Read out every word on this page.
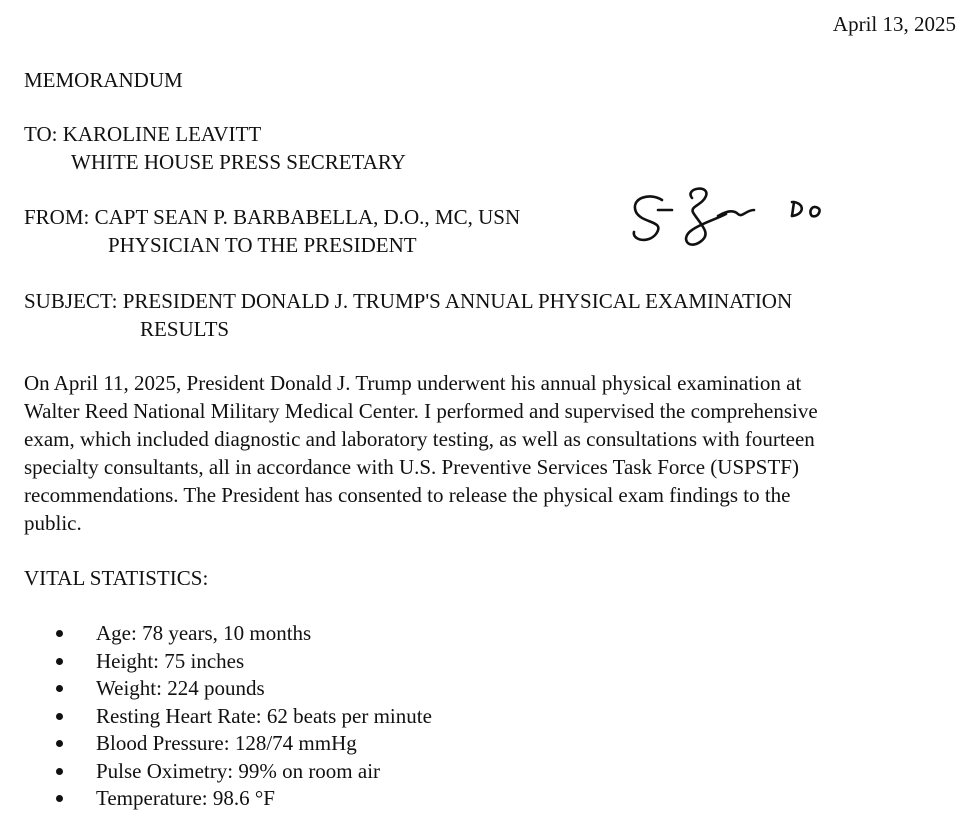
April 13, 2025
MEMORANDUM
TO: KAROLINE LEAVITT
WHITE HOUSE PRESS SECRETARY
FROM: CAPT SEAN P. BARBABELLA, D.O., MC, USN
PHYSICIAN TO THE PRESIDENT
SUBJECT: PRESIDENT DONALD J. TRUMP'S ANNUAL PHYSICAL EXAMINATION
RESULTS
On April 11, 2025, President Donald J. Trump underwent his annual physical examination at
Walter Reed National Military Medical Center. I performed and supervised the comprehensive
exam, which included diagnostic and laboratory testing, as well as consultations with fourteen
specialty consultants, all in accordance with U.S. Preventive Services Task Force (USPSTF)
recommendations. The President has consented to release the physical exam findings to the
public.
VITAL STATISTICS:
Age: 78 years, 10 months
Height: 75 inches
Weight: 224 pounds
Resting Heart Rate: 62 beats per minute
Blood Pressure: 128/74 mmHg
Pulse Oximetry: 99% on room air
Temperature: 98.6 °F
